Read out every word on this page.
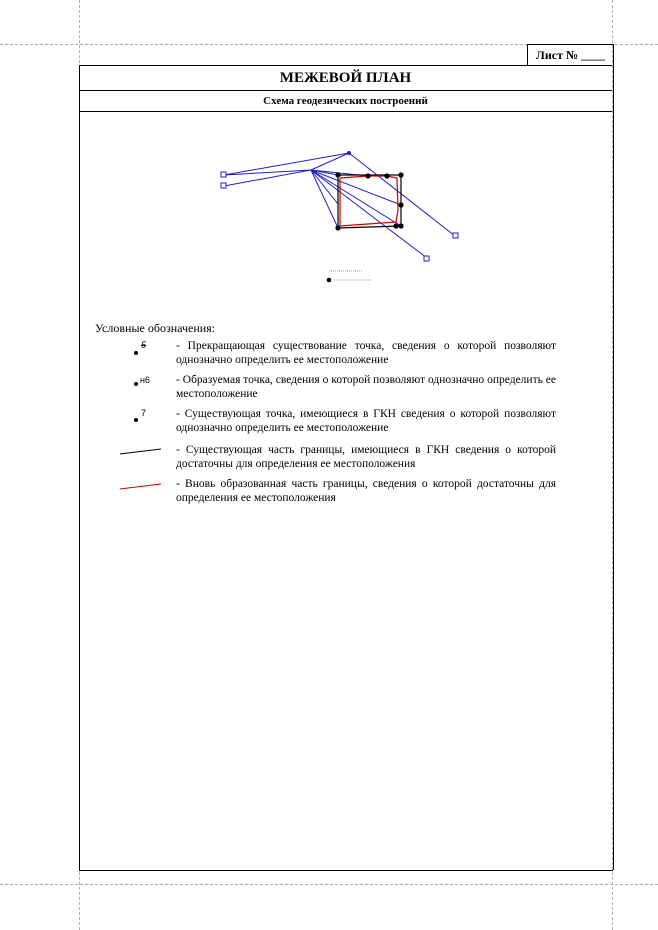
Лист № ____
МЕЖЕВОЙ ПЛАН
Схема геодезических построений
Условные обозначения:
5	- Прекращающая существование точка, сведения о которой позволяют однозначно определить ее местоположение
н6 - Образуемая точка, сведения о которой позволяют однозначно определить ее местоположение
7	- Существующая точка, имеющиеся в ГКН сведения о которой позволяют однозначно определить ее местоположение
- Существующая часть границы, имеющиеся в ГКН сведения о которой достаточны для определения ее местоположения
- Вновь образованная часть границы, сведения о которой достаточны для определения ее местоположения
